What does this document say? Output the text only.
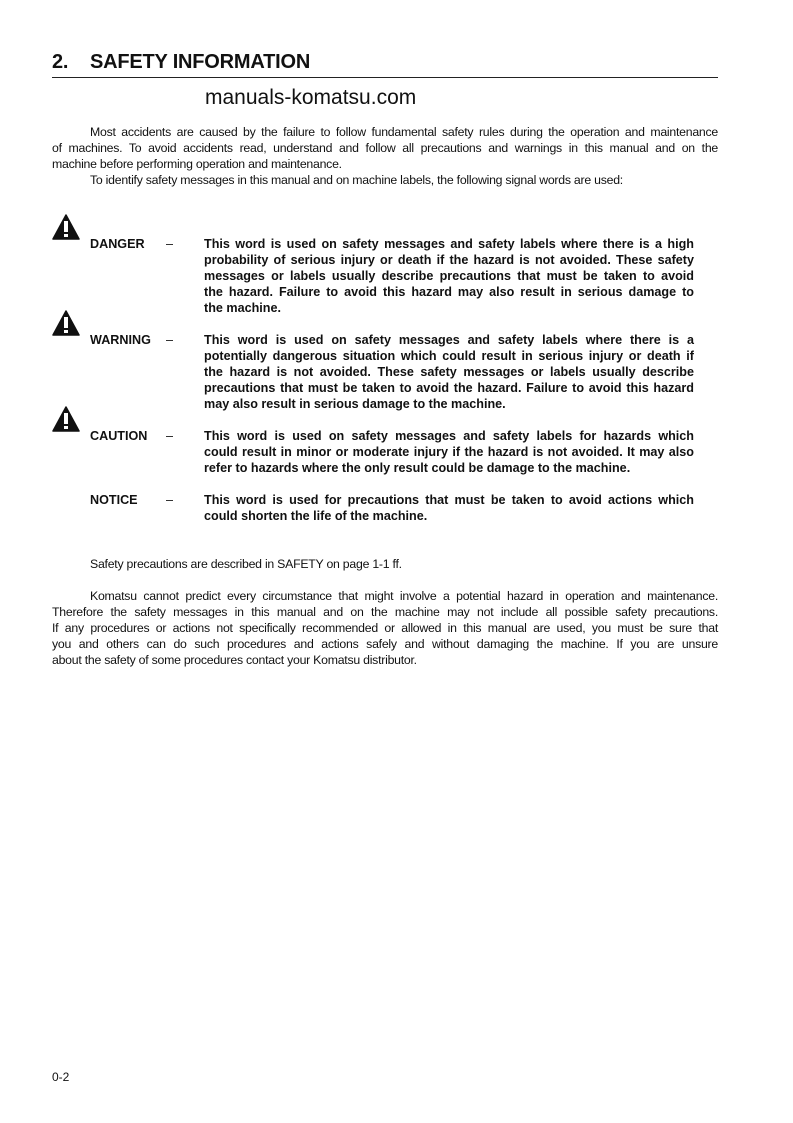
2. SAFETY INFORMATION
manuals-komatsu.com
Most accidents are caused by the failure to follow fundamental safety rules during the operation and maintenance
of machines. To avoid accidents read, understand and follow all precautions and warnings in this manual and on the
machine before performing operation and maintenance.
To identify safety messages in this manual and on machine labels, the following signal words are used:
DANGER – This word is used on safety messages and safety labels where there is a high
probability of serious injury or death if the hazard is not avoided. These safety
messages or labels usually describe precautions that must be taken to avoid
the hazard. Failure to avoid this hazard may also result in serious damage to
the machine.
WARNING – This word is used on safety messages and safety labels where there is a
potentially dangerous situation which could result in serious injury or death if
the hazard is not avoided. These safety messages or labels usually describe
precautions that must be taken to avoid the hazard. Failure to avoid this hazard
may also result in serious damage to the machine.
CAUTION – This word is used on safety messages and safety labels for hazards which
could result in minor or moderate injury if the hazard is not avoided. It may also
refer to hazards where the only result could be damage to the machine.
NOTICE – This word is used for precautions that must be taken to avoid actions which
could shorten the life of the machine.
Safety precautions are described in SAFETY on page 1-1 ff.
Komatsu cannot predict every circumstance that might involve a potential hazard in operation and maintenance.
Therefore the safety messages in this manual and on the machine may not include all possible safety precautions.
If any procedures or actions not specifically recommended or allowed in this manual are used, you must be sure that
you and others can do such procedures and actions safely and without damaging the machine. If you are unsure
about the safety of some procedures contact your Komatsu distributor.
0-2
